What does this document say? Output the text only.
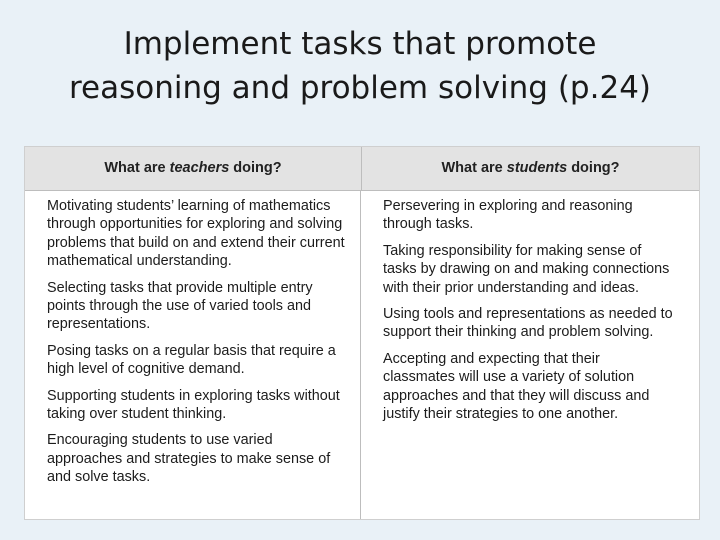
Implement tasks that promote
reasoning and problem solving (p.24)
What are teachers doing?	What are students doing?

Motivating students’ learning of mathematics through opportunities for exploring and solving problems that build on and extend their current mathematical understanding.

Selecting tasks that provide multiple entry points through the use of varied tools and representations.

Posing tasks on a regular basis that require a high level of cognitive demand.

Supporting students in exploring tasks without taking over student thinking.

Encouraging students to use varied approaches and strategies to make sense of and solve tasks.

Persevering in exploring and reasoning through tasks.

Taking responsibility for making sense of tasks by drawing on and making connections with their prior understanding and ideas.

Using tools and representations as needed to support their thinking and problem solving.

Accepting and expecting that their classmates will use a variety of solution approaches and that they will discuss and justify their strategies to one another.
